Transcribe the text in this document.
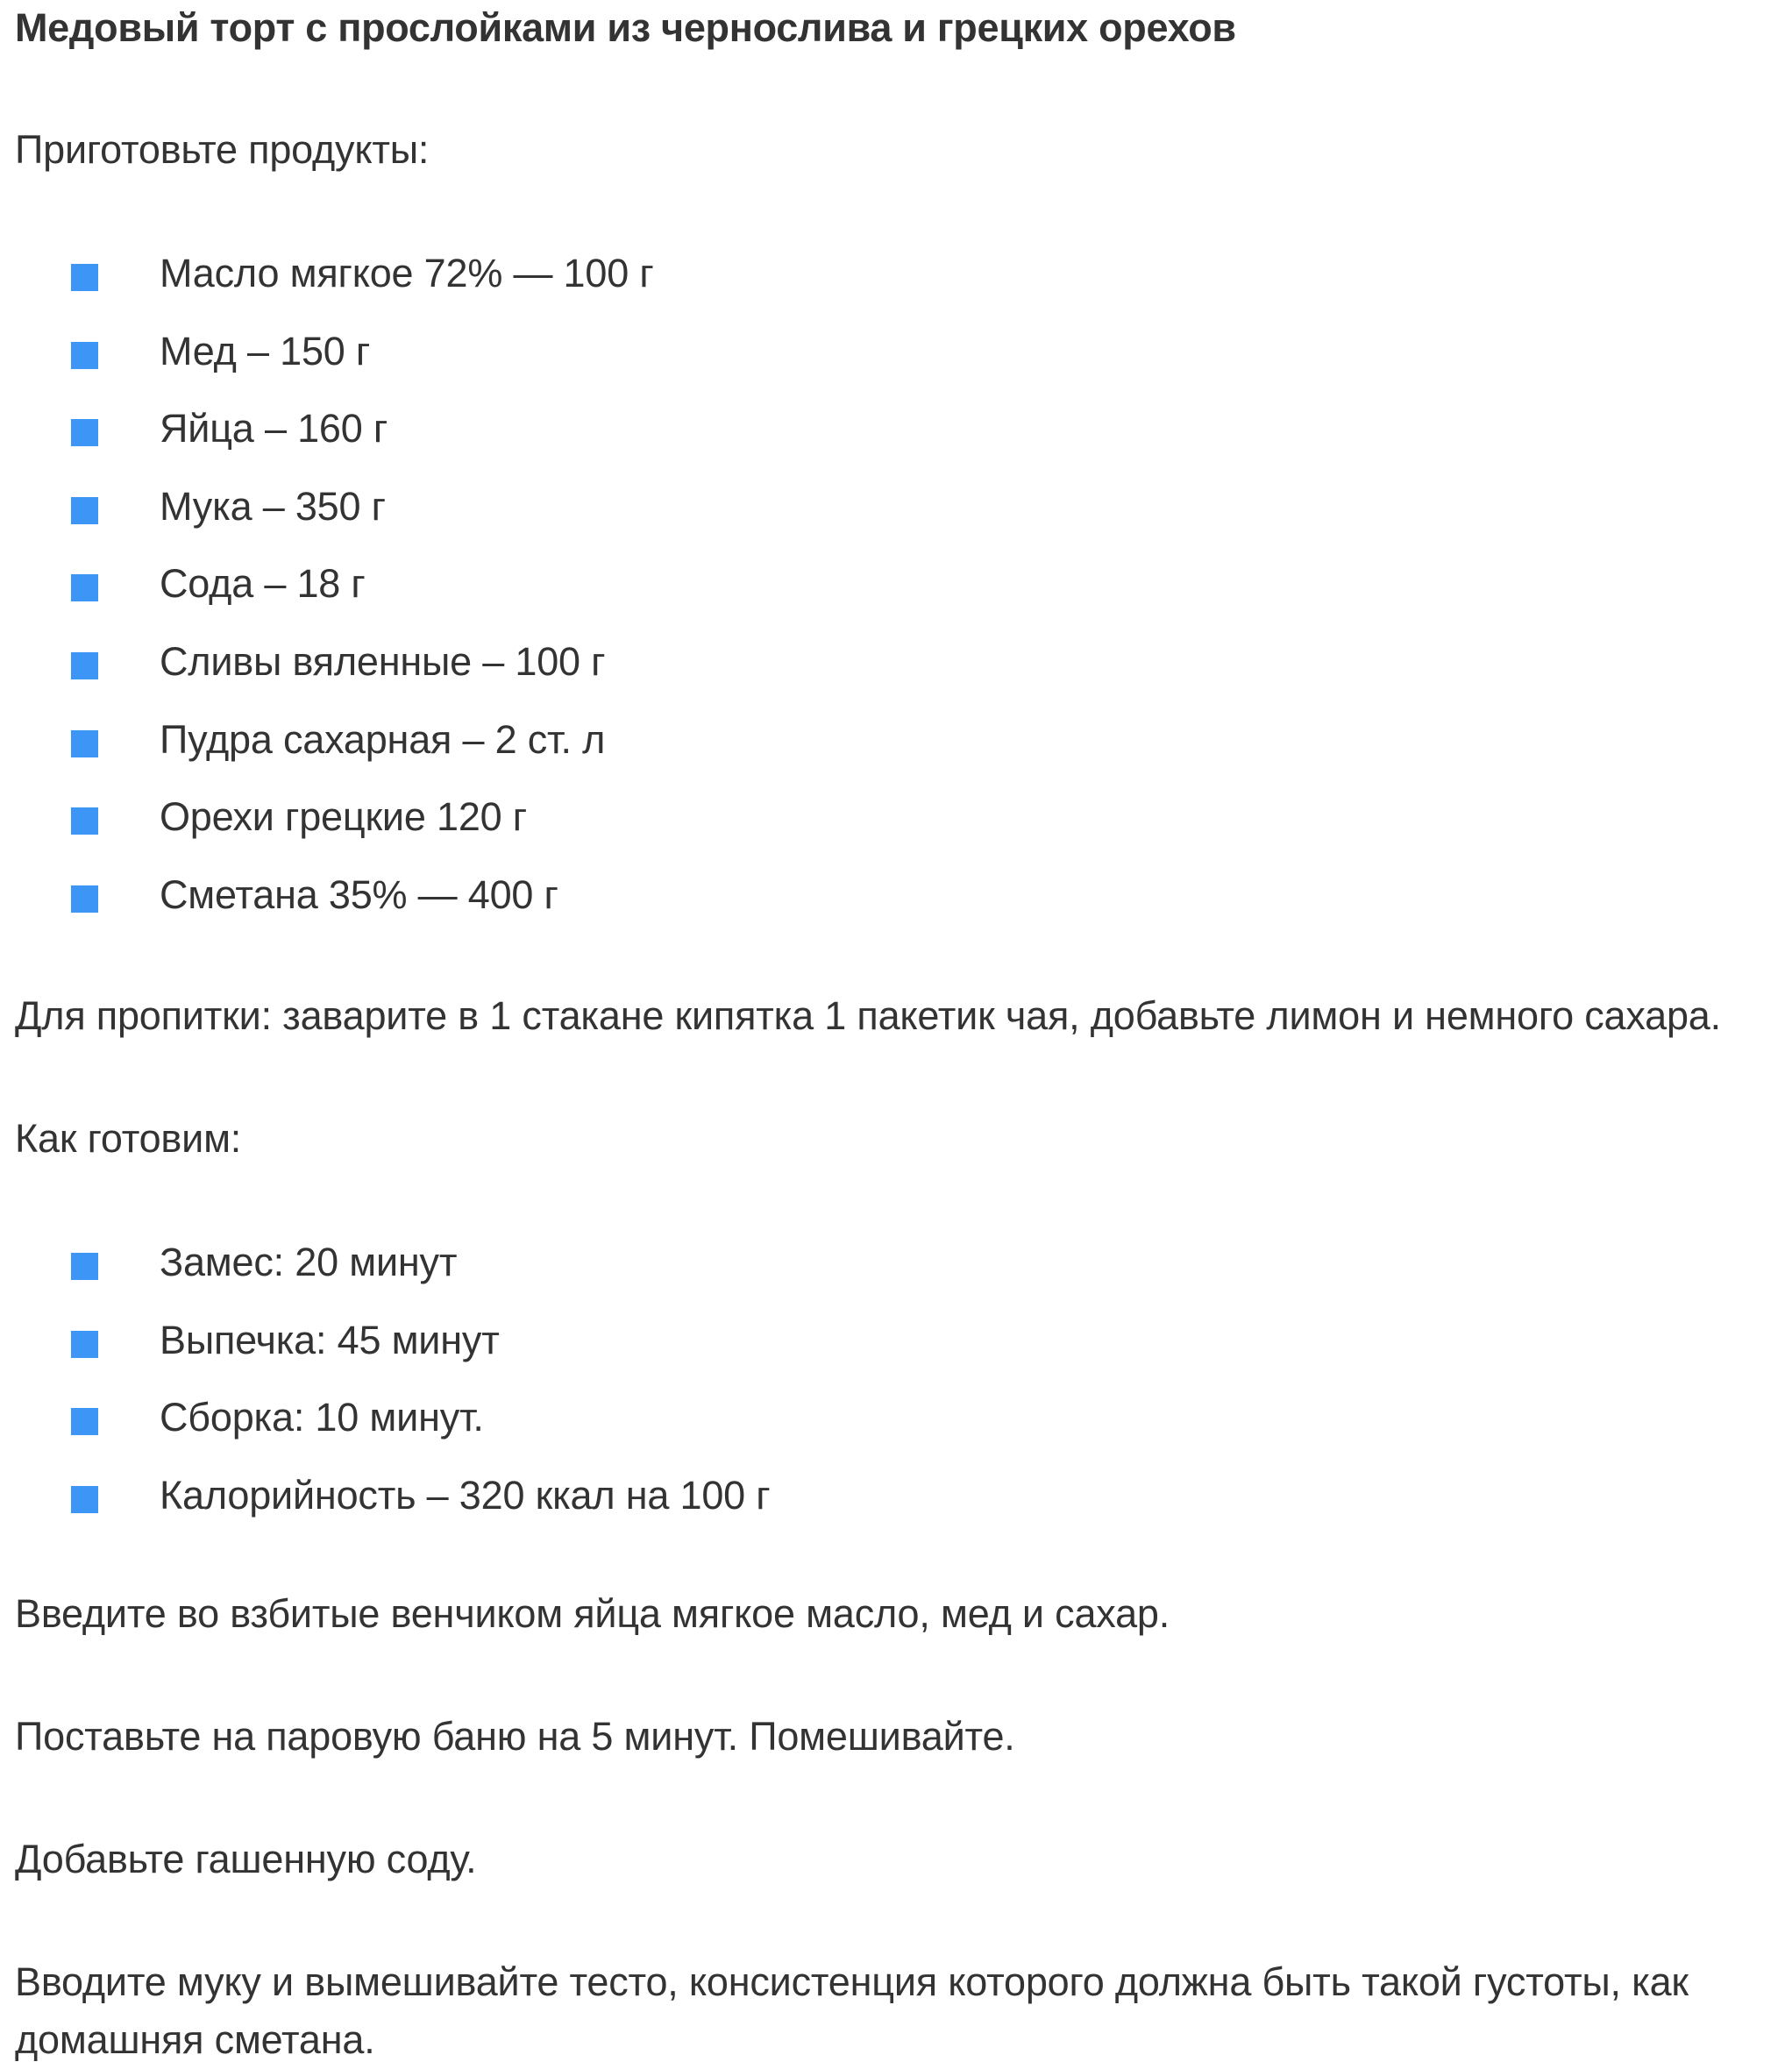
Медовый торт с прослойками из чернослива и грецких орехов

Приготовьте продукты:

Масло мягкое 72% — 100 г
Мед – 150 г
Яйца – 160 г
Мука – 350 г
Сода – 18 г
Сливы вяленные – 100 г
Пудра сахарная – 2 ст. л
Орехи грецкие 120 г
Сметана 35% — 400 г

Для пропитки: заварите в 1 стакане кипятка 1 пакетик чая, добавьте лимон и немного сахара.

Как готовим:

Замес: 20 минут
Выпечка: 45 минут
Сборка: 10 минут.
Калорийность – 320 ккал на 100 г

Введите во взбитые венчиком яйца мягкое масло, мед и сахар.

Поставьте на паровую баню на 5 минут. Помешивайте.

Добавьте гашенную соду.

Вводите муку и вымешивайте тесто, консистенция которого должна быть такой густоты, как домашняя сметана.
